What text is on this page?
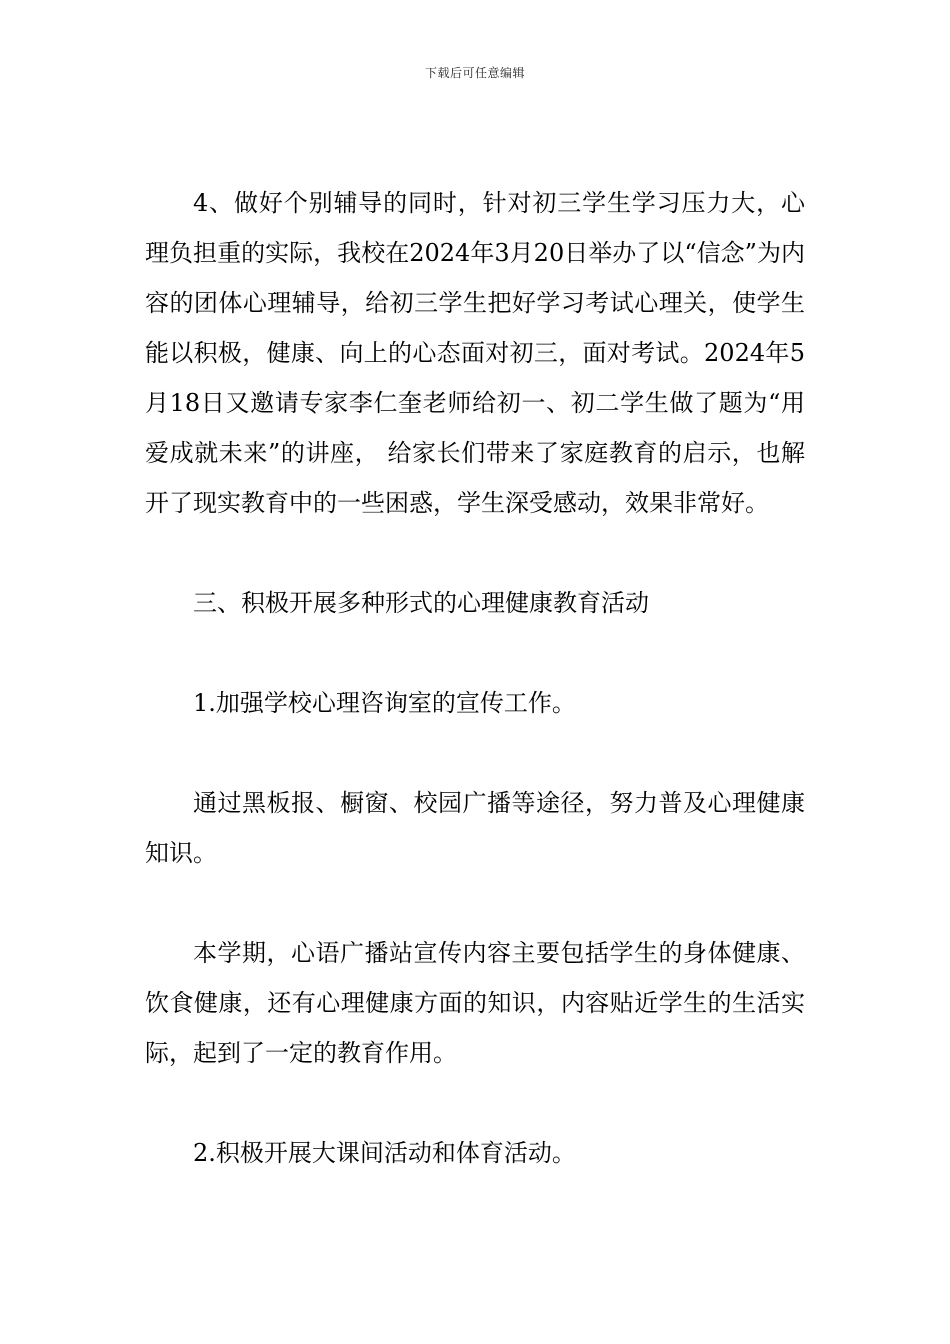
下载后可任意编辑

4、做好个别辅导的同时，针对初三学生学习压力大，心理负担重的实际，我校在2024年3月20日举办了以“信念”为内容的团体心理辅导，给初三学生把好学习考试心理关，使学生能以积极，健康、向上的心态面对初三，面对考试。2024年5月18日又邀请专家李仁奎老师给初一、初二学生做了题为“用爱成就未来”的讲座， 给家长们带来了家庭教育的启示，也解开了现实教育中的一些困惑，学生深受感动，效果非常好。

三、积极开展多种形式的心理健康教育活动

1.加强学校心理咨询室的宣传工作。

通过黑板报、橱窗、校园广播等途径，努力普及心理健康知识。

本学期，心语广播站宣传内容主要包括学生的身体健康、饮食健康，还有心理健康方面的知识，内容贴近学生的生活实际，起到了一定的教育作用。

2.积极开展大课间活动和体育活动。
